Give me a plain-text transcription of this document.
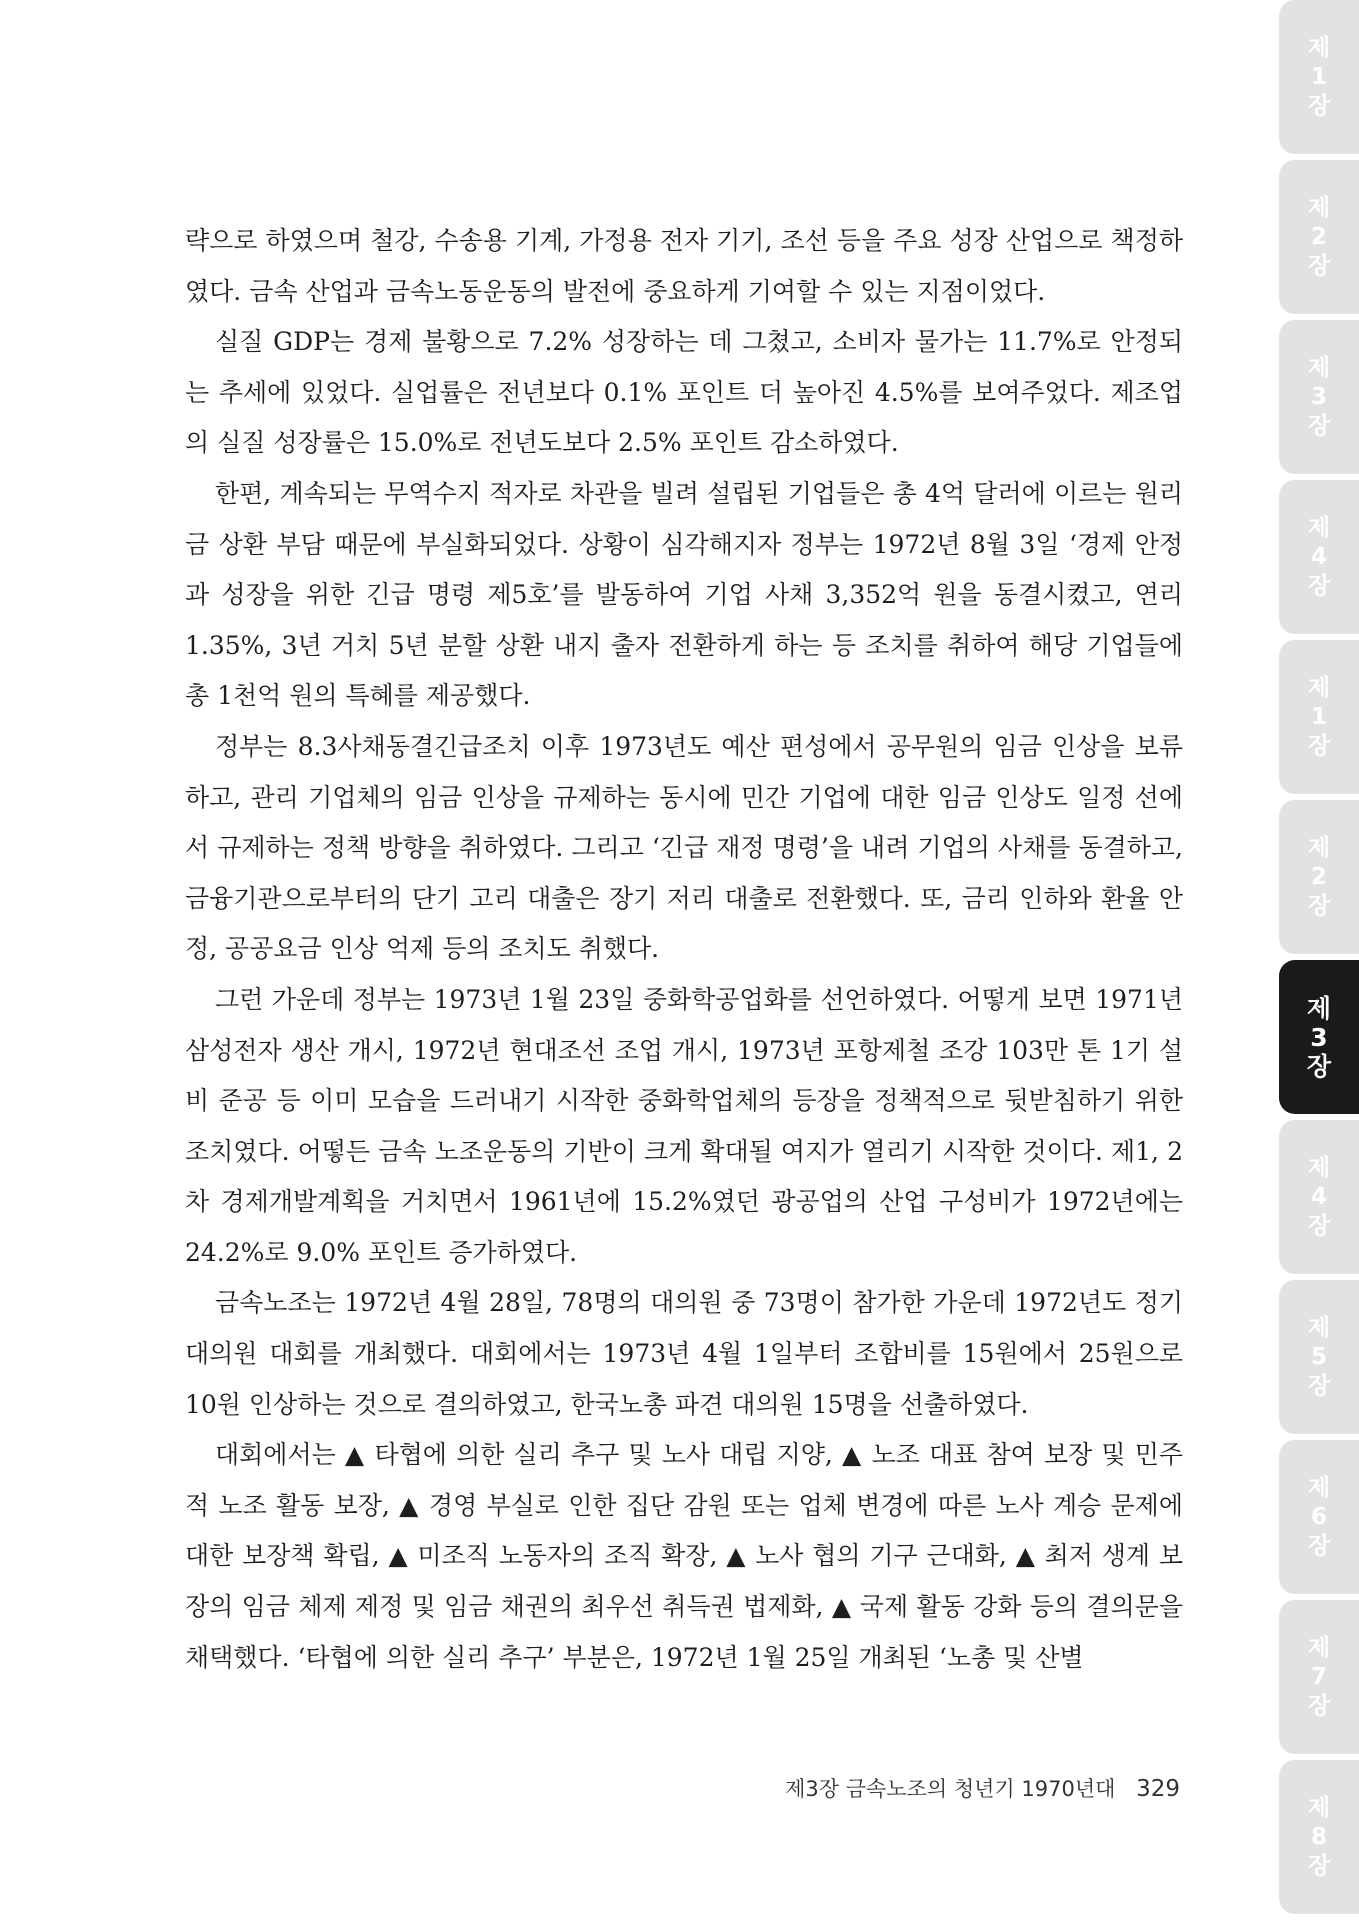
략으로 하였으며 철강, 수송용 기계, 가정용 전자 기기, 조선 등을 주요 성장 산업으로 책정하였다. 금속 산업과 금속노동운동의 발전에 중요하게 기여할 수 있는 지점이었다.

실질 GDP는 경제 불황으로 7.2% 성장하는 데 그쳤고, 소비자 물가는 11.7%로 안정되는 추세에 있었다. 실업률은 전년보다 0.1% 포인트 더 높아진 4.5%를 보여주었다. 제조업의 실질 성장률은 15.0%로 전년도보다 2.5% 포인트 감소하였다.

한편, 계속되는 무역수지 적자로 차관을 빌려 설립된 기업들은 총 4억 달러에 이르는 원리금 상환 부담 때문에 부실화되었다. 상황이 심각해지자 정부는 1972년 8월 3일 ‘경제 안정과 성장을 위한 긴급 명령 제5호’를 발동하여 기업 사채 3,352억 원을 동결시켰고, 연리 1.35%, 3년 거치 5년 분할 상환 내지 출자 전환하게 하는 등 조치를 취하여 해당 기업들에 총 1천억 원의 특혜를 제공했다.

정부는 8.3사채동결긴급조치 이후 1973년도 예산 편성에서 공무원의 임금 인상을 보류하고, 관리 기업체의 임금 인상을 규제하는 동시에 민간 기업에 대한 임금 인상도 일정 선에서 규제하는 정책 방향을 취하였다. 그리고 ‘긴급 재정 명령’을 내려 기업의 사채를 동결하고, 금융기관으로부터의 단기 고리 대출은 장기 저리 대출로 전환했다. 또, 금리 인하와 환율 안정, 공공요금 인상 억제 등의 조치도 취했다.

그런 가운데 정부는 1973년 1월 23일 중화학공업화를 선언하였다. 어떻게 보면 1971년 삼성전자 생산 개시, 1972년 현대조선 조업 개시, 1973년 포항제철 조강 103만 톤 1기 설비 준공 등 이미 모습을 드러내기 시작한 중화학업체의 등장을 정책적으로 뒷받침하기 위한 조치였다. 어떻든 금속 노조운동의 기반이 크게 확대될 여지가 열리기 시작한 것이다. 제1, 2차 경제개발계획을 거치면서 1961년에 15.2%였던 광공업의 산업 구성비가 1972년에는 24.2%로 9.0% 포인트 증가하였다.

금속노조는 1972년 4월 28일, 78명의 대의원 중 73명이 참가한 가운데 1972년도 정기 대의원 대회를 개최했다. 대회에서는 1973년 4월 1일부터 조합비를 15원에서 25원으로 10원 인상하는 것으로 결의하였고, 한국노총 파견 대의원 15명을 선출하였다.

대회에서는 ▲ 타협에 의한 실리 추구 및 노사 대립 지양, ▲ 노조 대표 참여 보장 및 민주적 노조 활동 보장, ▲ 경영 부실로 인한 집단 감원 또는 업체 변경에 따른 노사 계승 문제에 대한 보장책 확립, ▲ 미조직 노동자의 조직 확장, ▲ 노사 협의 기구 근대화, ▲ 최저 생계 보장의 임금 체제 제정 및 임금 채권의 최우선 취득권 법제화, ▲ 국제 활동 강화 등의 결의문을 채택했다. ‘타협에 의한 실리 추구’ 부분은, 1972년 1월 25일 개최된 ‘노총 및 산별

제3장 금속노조의 청년기 1970년대 329
제
1
장
제
2
장
제
3
장
제
4
장
제
1
장
제
2
장
제
3
장
제
4
장
제
5
장
제
6
장
제
7
장
제
8
장
